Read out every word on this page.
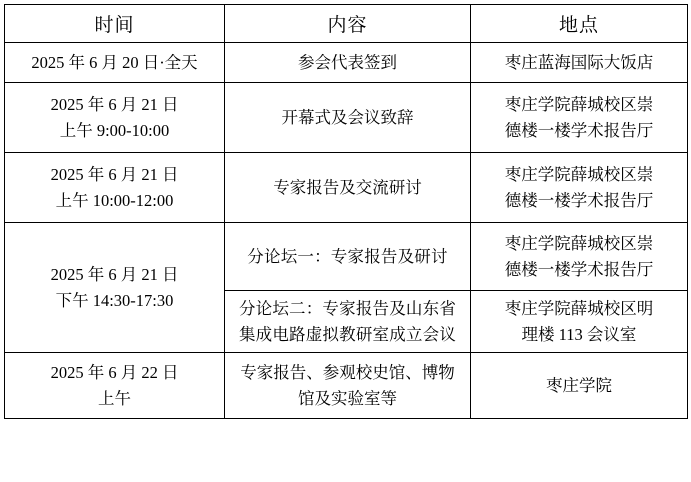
时间	内容	地点

2025 年 6 月 20 日·全天	参会代表签到	枣庄蓝海国际大饭店

2025 年 6 月 21 日
上午 9:00-10:00	开幕式及会议致辞	枣庄学院薛城校区崇
德楼一楼学术报告厅

2025 年 6 月 21 日
上午 10:00-12:00	专家报告及交流研讨	枣庄学院薛城校区崇
德楼一楼学术报告厅

2025 年 6 月 21 日
下午 14:30-17:30	分论坛一：专家报告及研讨	枣庄学院薛城校区崇
德楼一楼学术报告厅

	分论坛二：专家报告及山东省
集成电路虚拟教研室成立会议	枣庄学院薛城校区明
理楼 113 会议室

2025 年 6 月 22 日
上午	专家报告、参观校史馆、博物
馆及实验室等	枣庄学院
